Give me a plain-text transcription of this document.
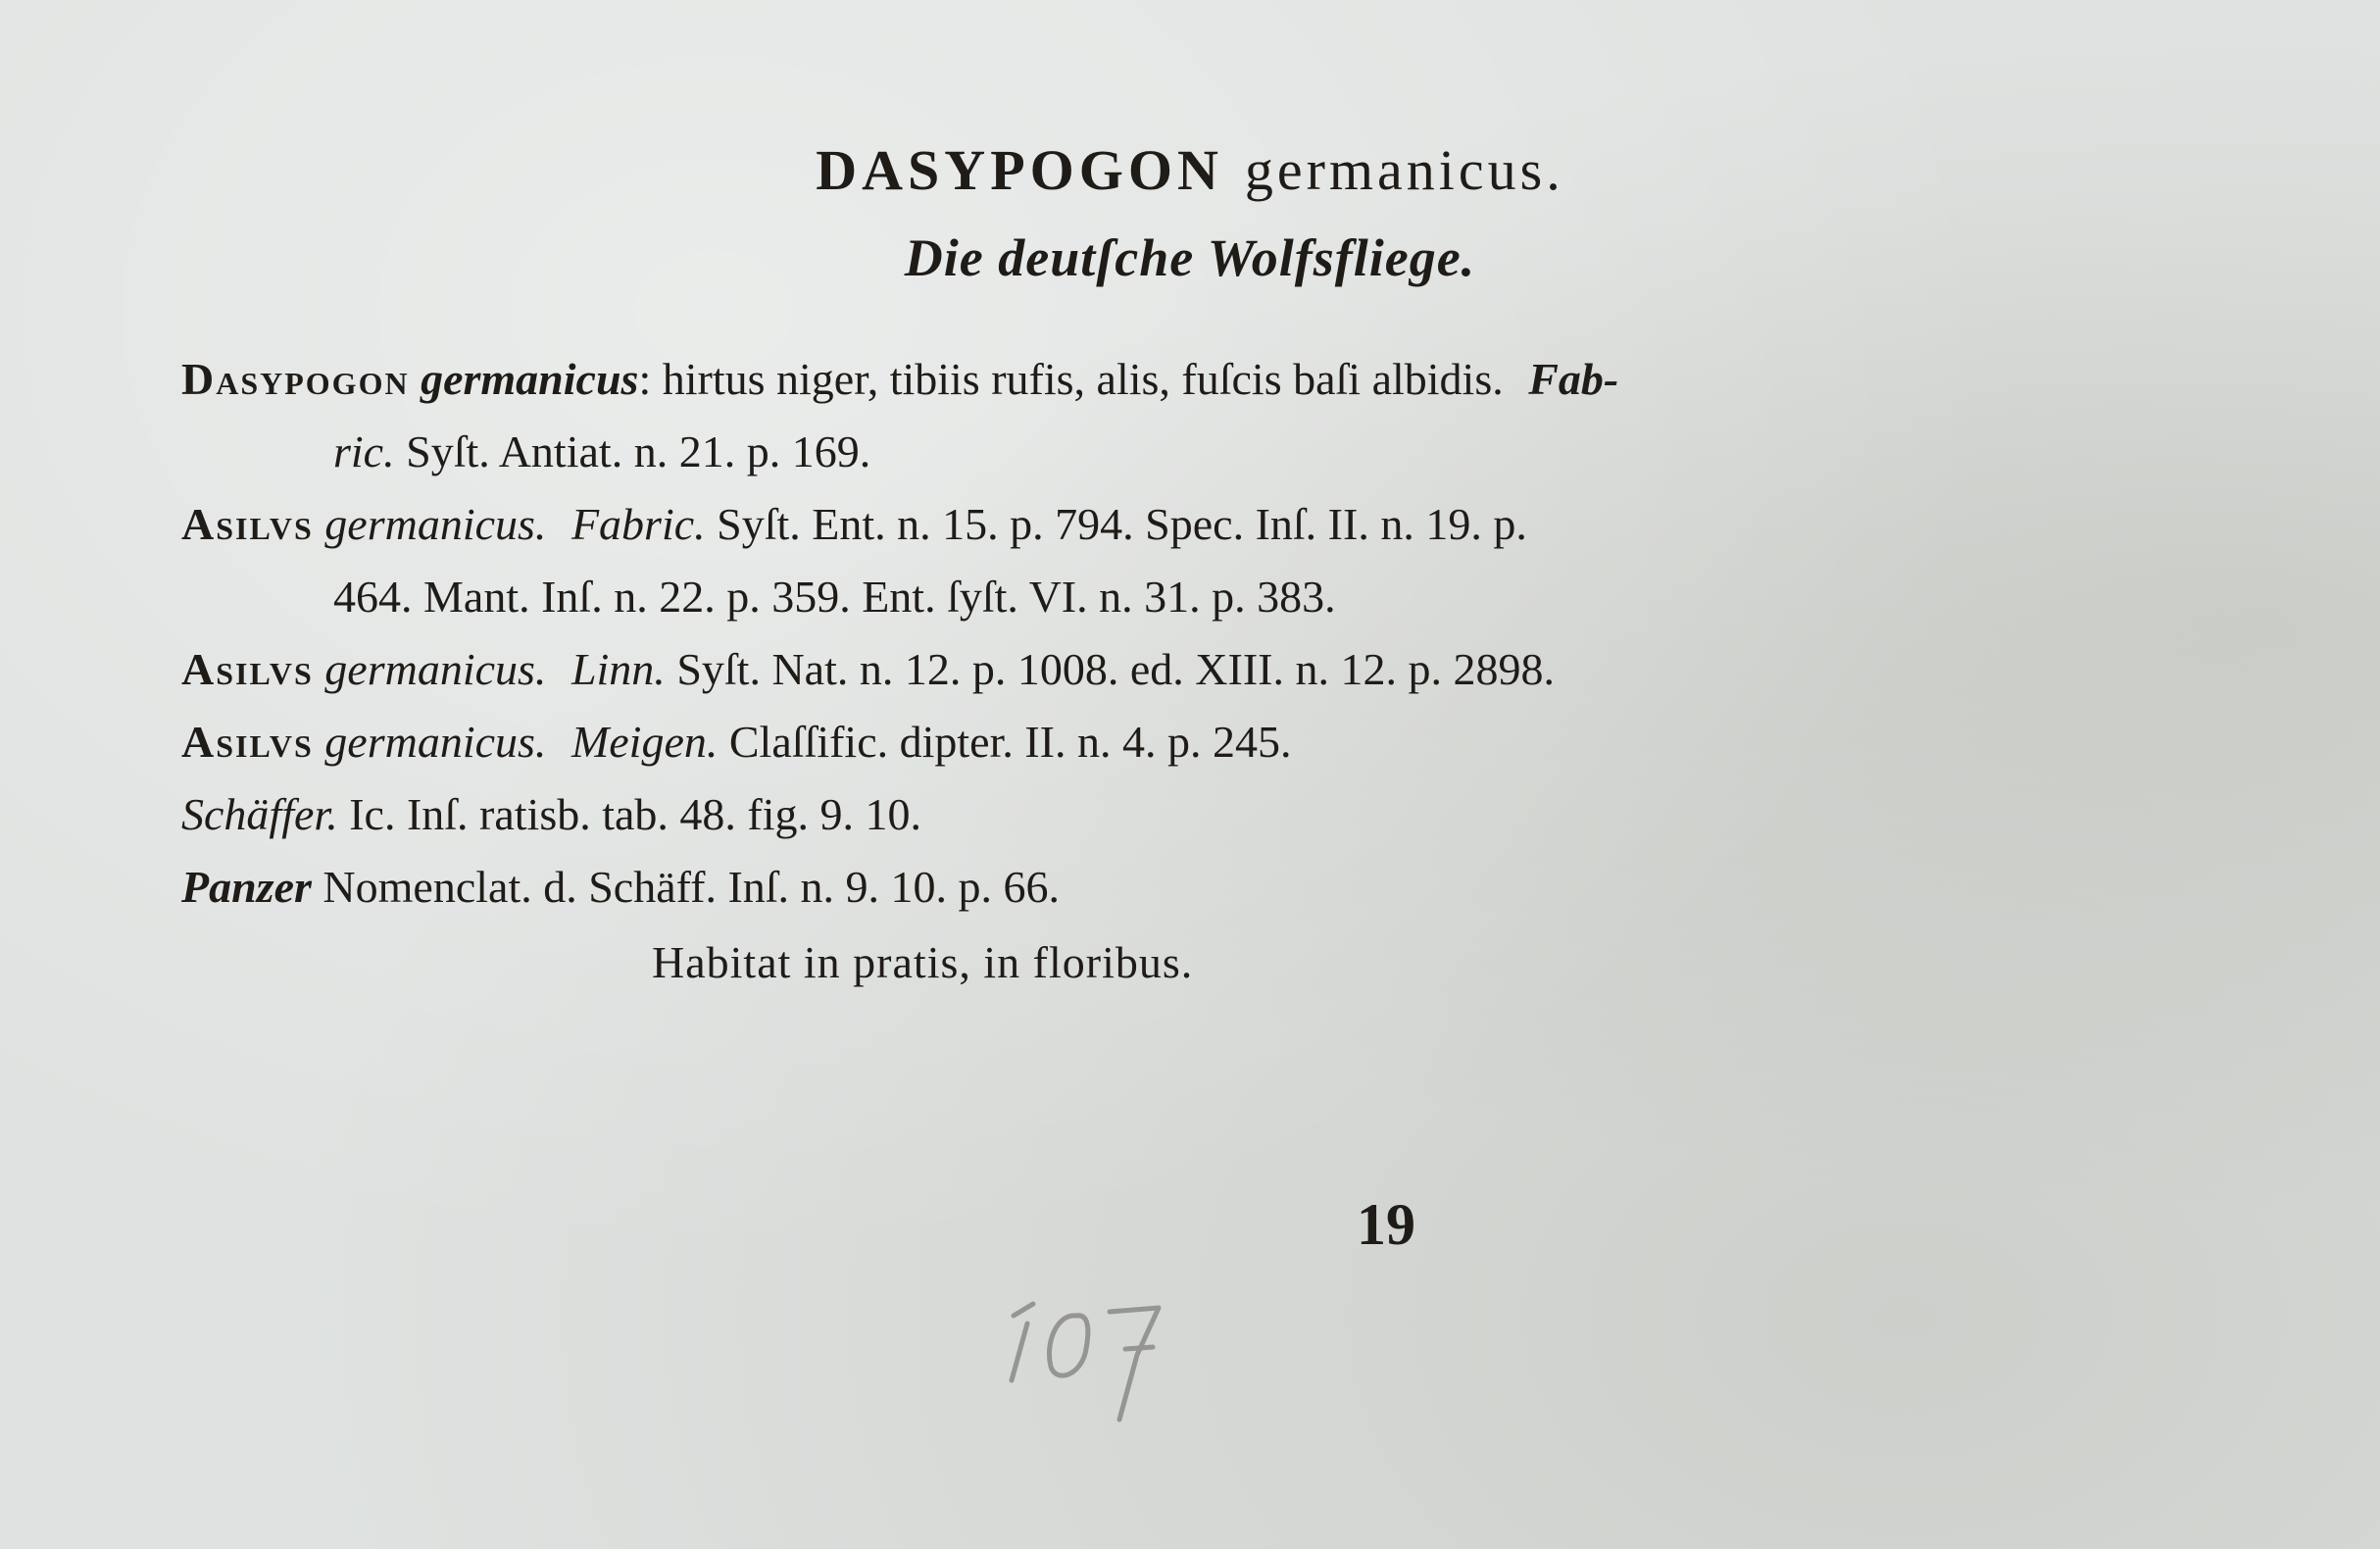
DASYPOGON germanicus.
Die deutſche Wolfsfliege.
Dasypogon germanicus: hirtus niger, tibiis rufis, alis, fuſcis baſi albidis. Fab-
ric. Syſt. Antiat. n. 21. p. 169.
Asilvs germanicus. Fabric. Syſt. Ent. n. 15. p. 794. Spec. Inſ. II. n. 19. p.
464. Mant. Inſ. n. 22. p. 359. Ent. ſyſt. VI. n. 31. p. 383.
Asilvs germanicus. Linn. Syſt. Nat. n. 12. p. 1008. ed. XIII. n. 12. p. 2898.
Asilvs germanicus. Meigen. Claſſific. dipter. II. n. 4. p. 245.
Schäffer. Ic. Inſ. ratisb. tab. 48. fig. 9. 10.
Panzer Nomenclat. d. Schäff. Inſ. n. 9. 10. p. 66.
Habitat in pratis, in floribus.
19
